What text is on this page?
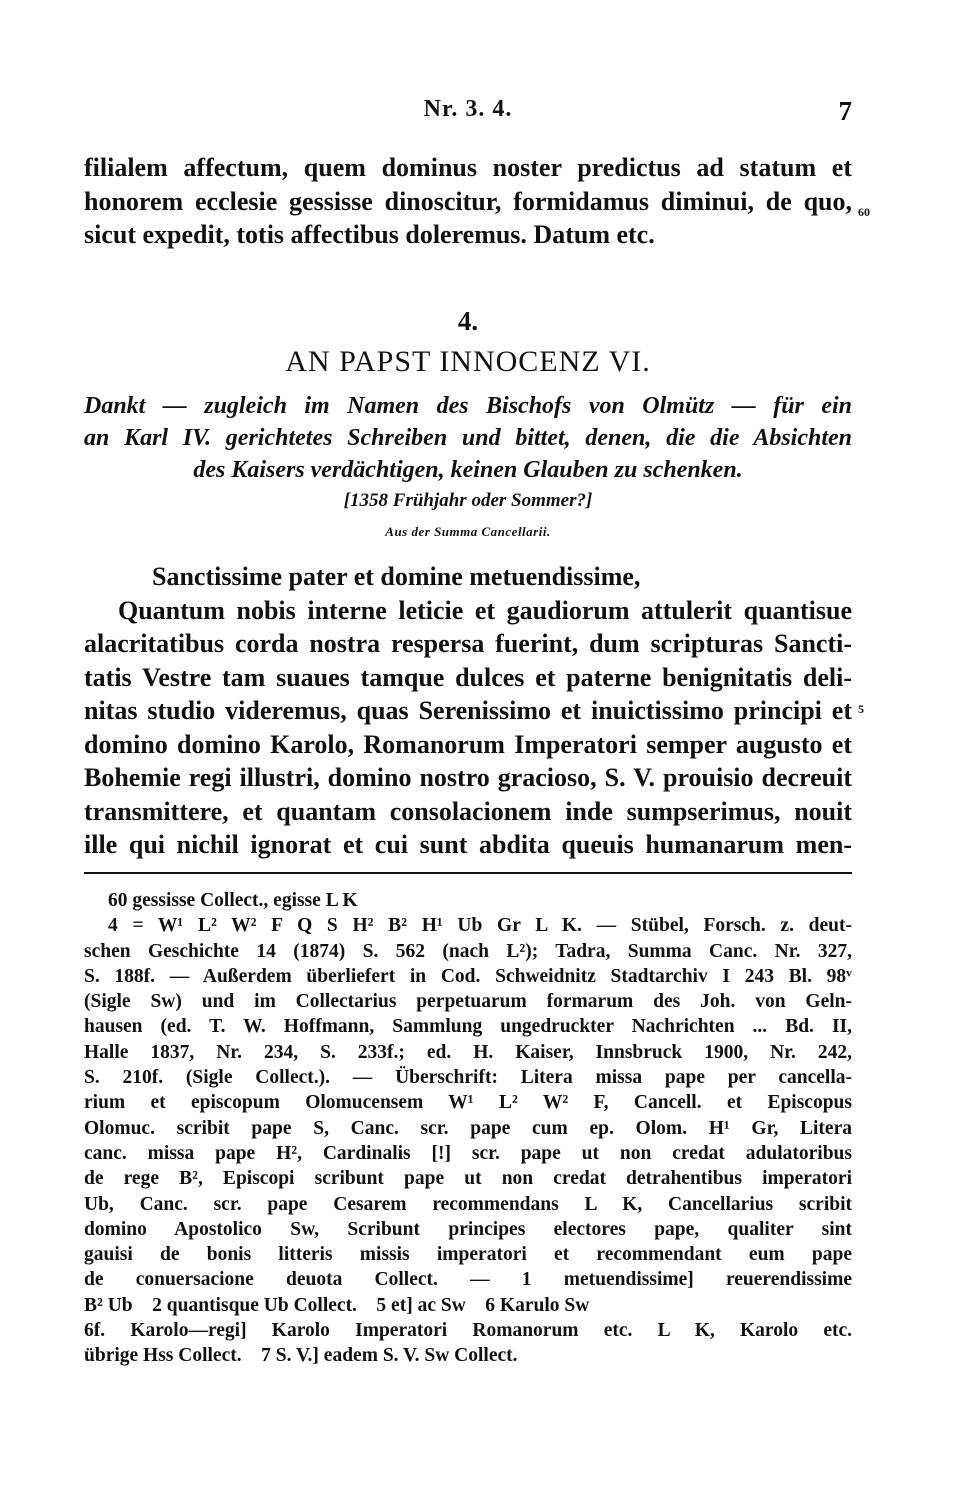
Nr. 3. 4.	7
filialem affectum, quem dominus noster predictus ad statum et
honorem ecclesie gessisse dinoscitur, formidamus diminui, de quo,
sicut expedit, totis affectibus doleremus. Datum etc.
60
4.
AN PAPST INNOCENZ VI.
Dankt — zugleich im Namen des Bischofs von Olmütz — für ein
an Karl IV. gerichtetes Schreiben und bittet, denen, die die Absichten
des Kaisers verdächtigen, keinen Glauben zu schenken.
[1358 Frühjahr oder Sommer?]
Aus der Summa Cancellarii.
Sanctissime pater et domine metuendissime,
Quantum nobis interne leticie et gaudiorum attulerit quantisue
alacritatibus corda nostra respersa fuerint, dum scripturas Sancti-
tatis Vestre tam suaues tamque dulces et paterne benignitatis deli-
nitas studio videremus, quas Serenissimo et inuictissimo principi et
domino domino Karolo, Romanorum Imperatori semper augusto et
Bohemie regi illustri, domino nostro gracioso, S. V. prouisio decreuit
transmittere, et quantam consolacionem inde sumpserimus, nouit
ille qui nichil ignorat et cui sunt abdita queuis humanarum men-
5
60 gessisse Collect., egisse L K
4 = W¹ L² W² F Q S H² B² H¹ Ub Gr L K. — Stübel, Forsch. z. deut-
schen Geschichte 14 (1874) S. 562 (nach L²); Tadra, Summa Canc. Nr. 327,
S. 188f. — Außerdem überliefert in Cod. Schweidnitz Stadtarchiv I 243 Bl. 98ᵛ
(Sigle Sw) und im Collectarius perpetuarum formarum des Joh. von Geln-
hausen (ed. T. W. Hoffmann, Sammlung ungedruckter Nachrichten ... Bd. II,
Halle 1837, Nr. 234, S. 233f.; ed. H. Kaiser, Innsbruck 1900, Nr. 242,
S. 210f. (Sigle Collect.). — Überschrift: Litera missa pape per cancella-
rium et episcopum Olomucensem W¹ L² W² F, Cancell. et Episcopus
Olomuc. scribit pape S, Canc. scr. pape cum ep. Olom. H¹ Gr, Litera
canc. missa pape H², Cardinalis [!] scr. pape ut non credat adulatoribus
de rege B², Episcopi scribunt pape ut non credat detrahentibus imperatori
Ub, Canc. scr. pape Cesarem recommendans L K, Cancellarius scribit
domino Apostolico Sw, Scribunt principes electores pape, qualiter sint
gauisi de bonis litteris missis imperatori et recommendant eum pape
de conuersacione deuota Collect. — 1 metuendissime] reuerendissime
B² Ub    2 quantisque Ub Collect.    5 et] ac Sw    6 Karulo Sw
6f. Karolo—regi] Karolo Imperatori Romanorum etc. L K, Karolo etc.
übrige Hss Collect.    7 S. V.] eadem S. V. Sw Collect.
